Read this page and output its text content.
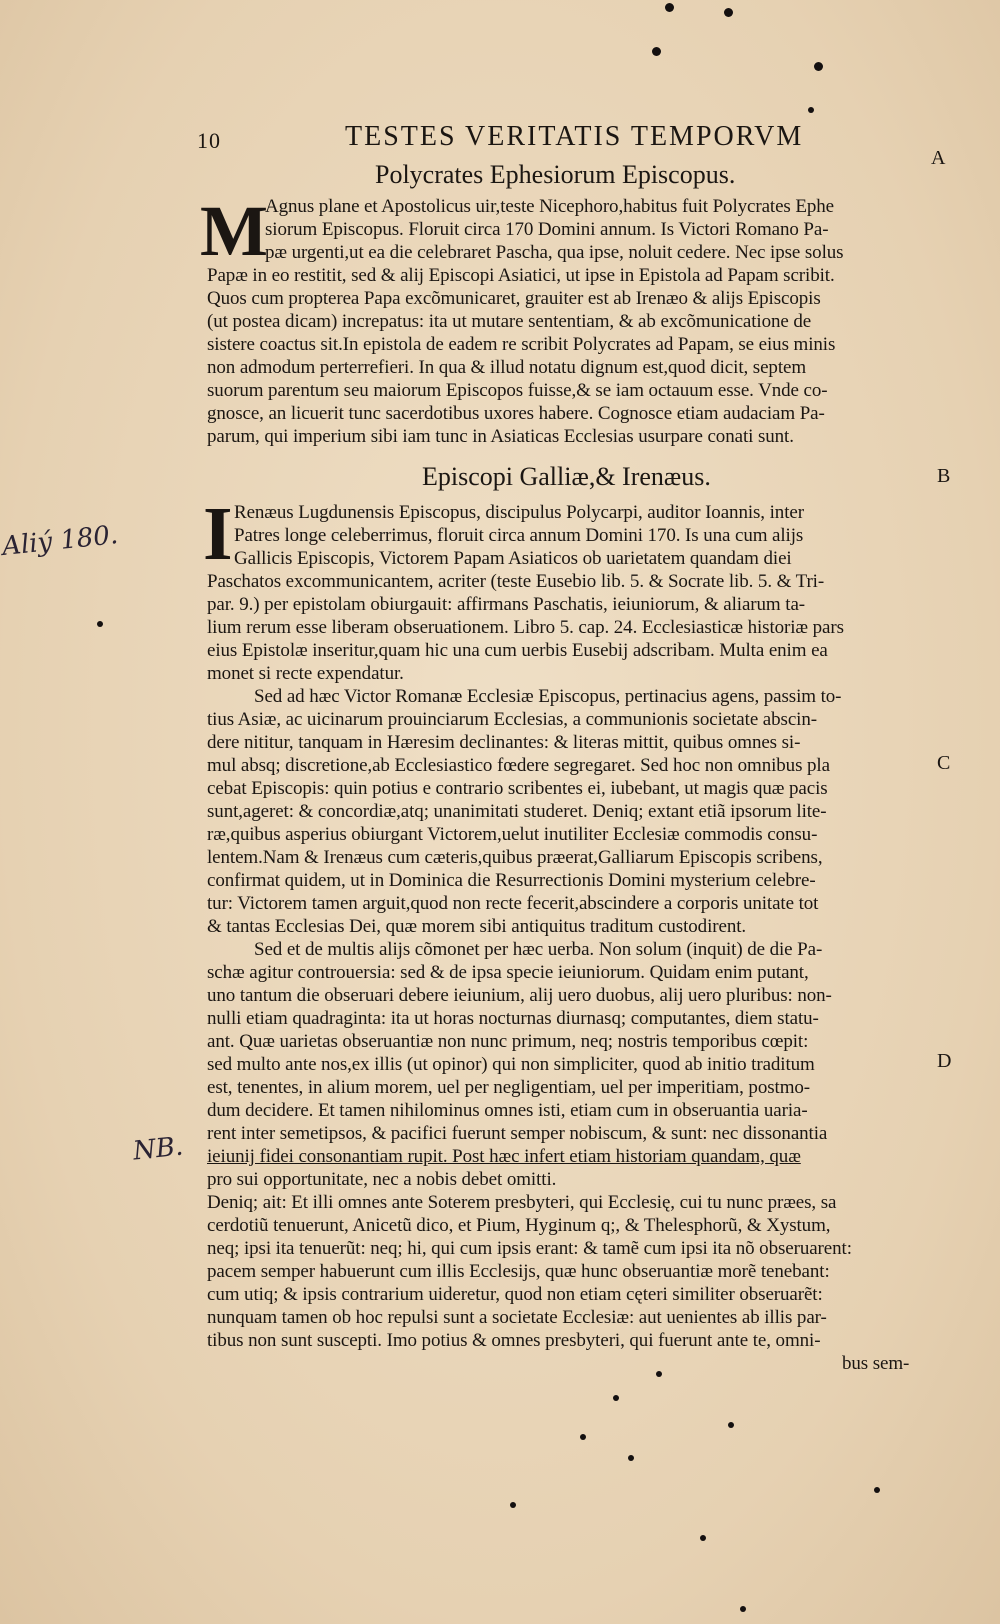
10	TESTES VERITATIS TEMPORVM
A
B
C
D
Aliý 180.
NB.
Polycrates Ephesiorum Episcopus.
M
Agnus plane et Apostolicus uir,teste Nicephoro,habitus fuit Polycrates Ephe
siorum Episcopus. Floruit circa 170 Domini annum. Is Victori Romano Pa-
pæ urgenti,ut ea die celebraret Pascha, qua ipse, noluit cedere. Nec ipse solus
Papæ in eo restitit, sed & alij Episcopi Asiatici, ut ipse in Epistola ad Papam scribit.
Quos cum propterea Papa excõmunicaret, grauiter est ab Irenæo & alijs Episcopis
(ut postea dicam) increpatus: ita ut mutare sententiam, & ab excõmunicatione de
sistere coactus sit.In epistola de eadem re scribit Polycrates ad Papam, se eius minis
non admodum perterrefieri. In qua & illud notatu dignum est,quod dicit, septem
suorum parentum seu maiorum Episcopos fuisse,& se iam octauum esse. Vnde co-
gnosce, an licuerit tunc sacerdotibus uxores habere. Cognosce etiam audaciam Pa-
parum, qui imperium sibi iam tunc in Asiaticas Ecclesias usurpare conati sunt.
Episcopi Galliæ,& Irenæus.
I Renæus Lugdunensis Episcopus, discipulus Polycarpi, auditor Ioannis, inter
Patres longe celeberrimus, floruit circa annum Domini 170. Is una cum alijs
Gallicis Episcopis, Victorem Papam Asiaticos ob uarietatem quandam diei
Paschatos excommunicantem, acriter (teste Eusebio lib. 5. & Socrate lib. 5. & Tri-
par. 9.) per epistolam obiurgauit: affirmans Paschatis, ieiuniorum, & aliarum ta-
lium rerum esse liberam obseruationem. Libro 5. cap. 24. Ecclesiasticæ historiæ pars
eius Epistolæ inseritur,quam hic una cum uerbis Eusebij adscribam. Multa enim ea
monet si recte expendatur.
Sed ad hæc Victor Romanæ Ecclesiæ Episcopus, pertinacius agens, passim to-
tius Asiæ, ac uicinarum prouinciarum Ecclesias, a communionis societate abscin-
dere nititur, tanquam in Hæresim declinantes: & literas mittit, quibus omnes si-
mul absq; discretione,ab Ecclesiastico fœdere segregaret. Sed hoc non omnibus pla
cebat Episcopis: quin potius e contrario scribentes ei, iubebant, ut magis quæ pacis
sunt,ageret: & concordiæ,atq; unanimitati studeret. Deniq; extant etiã ipsorum lite-
ræ,quibus asperius obiurgant Victorem,uelut inutiliter Ecclesiæ commodis consu-
lentem.Nam & Irenæus cum cæteris,quibus præerat,Galliarum Episcopis scribens,
confirmat quidem, ut in Dominica die Resurrectionis Domini mysterium celebre-
tur: Victorem tamen arguit,quod non recte fecerit,abscindere a corporis unitate tot
& tantas Ecclesias Dei, quæ morem sibi antiquitus traditum custodirent.
Sed et de multis alijs cõmonet per hæc uerba. Non solum (inquit) de die Pa-
schæ agitur controuersia: sed & de ipsa specie ieiuniorum. Quidam enim putant,
uno tantum die obseruari debere ieiunium, alij uero duobus, alij uero pluribus: non-
nulli etiam quadraginta: ita ut horas nocturnas diurnasq; computantes, diem statu-
ant. Quæ uarietas obseruantiæ non nunc primum, neq; nostris temporibus cœpit:
sed multo ante nos,ex illis (ut opinor) qui non simpliciter, quod ab initio traditum
est, tenentes, in alium morem, uel per negligentiam, uel per imperitiam, postmo-
dum decidere. Et tamen nihilominus omnes isti, etiam cum in obseruantia uaria-
rent inter semetipsos, & pacifici fuerunt semper nobiscum, & sunt: nec dissonantia
ieiunij fidei consonantiam rupit. Post hæc infert etiam historiam quandam, quæ
pro sui opportunitate, nec a nobis debet omitti.
Deniq; ait: Et illi omnes ante Soterem presbyteri, qui Ecclesię, cui tu nunc præes, sa
cerdotiũ tenuerunt, Anicetũ dico, et Pium, Hyginum q;, & Thelesphorũ, & Xystum,
neq; ipsi ita tenuerũt: neq; hi, qui cum ipsis erant: & tamẽ cum ipsi ita nõ obseruarent:
pacem semper habuerunt cum illis Ecclesijs, quæ hunc obseruantiæ morẽ tenebant:
cum utiq; & ipsis contrarium uideretur, quod non etiam cęteri similiter obseruarẽt:
nunquam tamen ob hoc repulsi sunt a societate Ecclesiæ: aut uenientes ab illis par-
tibus non sunt suscepti. Imo potius & omnes presbyteri, qui fuerunt ante te, omni-
bus sem-
